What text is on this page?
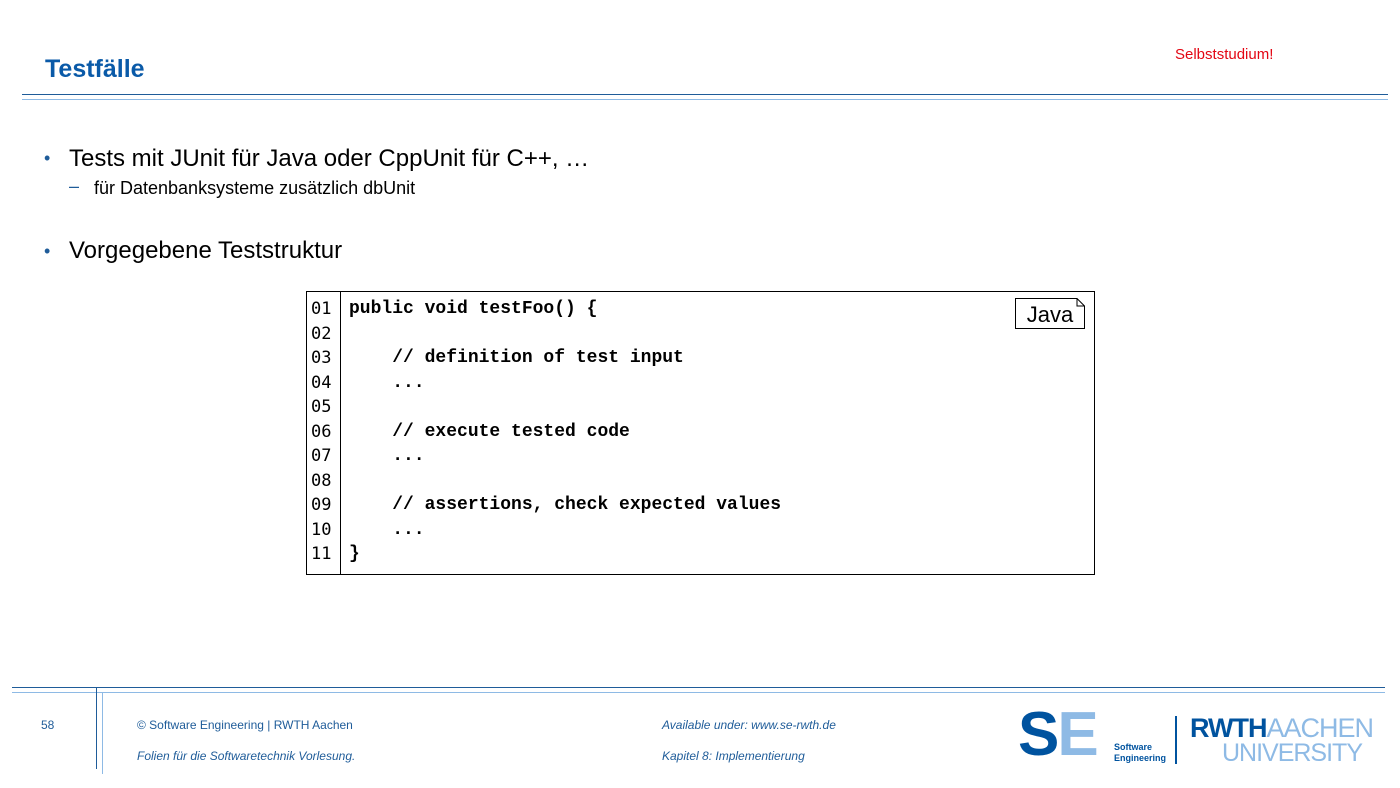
Testfälle
Selbststudium!
• Tests mit JUnit für Java oder CppUnit für C++, …
– für Datenbanksysteme zusätzlich dbUnit
• Vorgegebene Teststruktur
01 public void testFoo() {
02
03 // definition of test input
04 ...
05
06 // execute tested code
07 ...
08
09 // assertions, check expected values
10 ...
11 }
Java
58	© Software Engineering | RWTH Aachen
Folien für die Softwaretechnik Vorlesung.
Available under: www.se-rwth.de
Kapitel 8: Implementierung	SE Software
Engineering
RWTHAACHEN
UNIVERSITY
